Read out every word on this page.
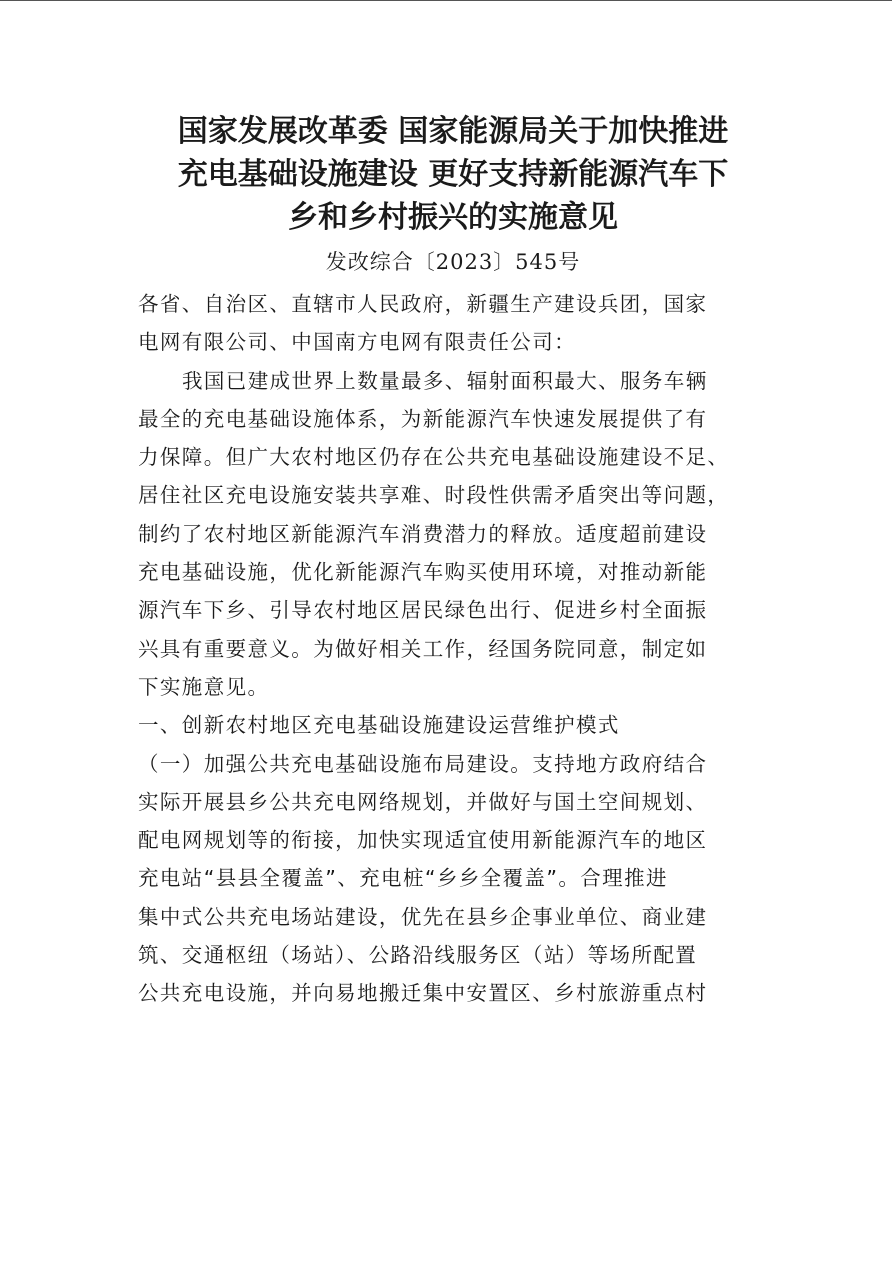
国家发展改革委 国家能源局关于加快推进
充电基础设施建设 更好支持新能源汽车下
乡和乡村振兴的实施意见
发改综合〔2023〕545号

各省、自治区、直辖市人民政府，新疆生产建设兵团，国家
电网有限公司、中国南方电网有限责任公司：

我国已建成世界上数量最多、辐射面积最大、服务车辆
最全的充电基础设施体系，为新能源汽车快速发展提供了有
力保障。但广大农村地区仍存在公共充电基础设施建设不足、
居住社区充电设施安装共享难、时段性供需矛盾突出等问题，
制约了农村地区新能源汽车消费潜力的释放。适度超前建设
充电基础设施，优化新能源汽车购买使用环境，对推动新能
源汽车下乡、引导农村地区居民绿色出行、促进乡村全面振
兴具有重要意义。为做好相关工作，经国务院同意，制定如
下实施意见。

一、创新农村地区充电基础设施建设运营维护模式

（一）加强公共充电基础设施布局建设。支持地方政府结合
实际开展县乡公共充电网络规划，并做好与国土空间规划、
配电网规划等的衔接，加快实现适宜使用新能源汽车的地区
充电站“县县全覆盖”、充电桩“乡乡全覆盖”。合理推进
集中式公共充电场站建设，优先在县乡企事业单位、商业建
筑、交通枢纽（场站）、公路沿线服务区（站）等场所配置
公共充电设施，并向易地搬迁集中安置区、乡村旅游重点村
